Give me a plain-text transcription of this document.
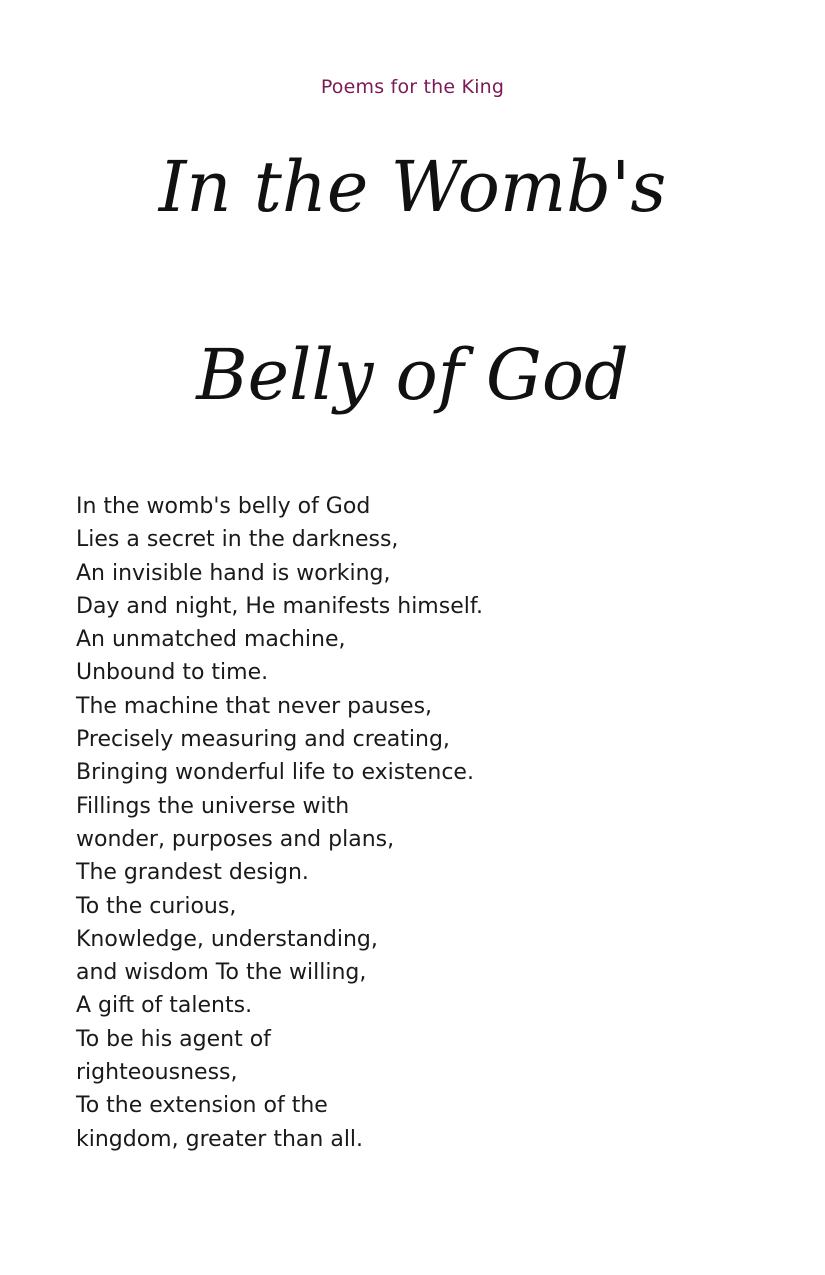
Poems for the King
In the Womb's
Belly of God
In the womb's belly of God
Lies a secret in the darkness,
An invisible hand is working,
Day and night, He manifests himself.
An unmatched machine,
Unbound to time.
The machine that never pauses,
Precisely measuring and creating,
Bringing wonderful life to existence.
Fillings the universe with
wonder, purposes and plans,
The grandest design.
To the curious,
Knowledge, understanding,
and wisdom To the willing,
A gift of talents.
To be his agent of
righteousness,
To the extension of the
kingdom, greater than all.
